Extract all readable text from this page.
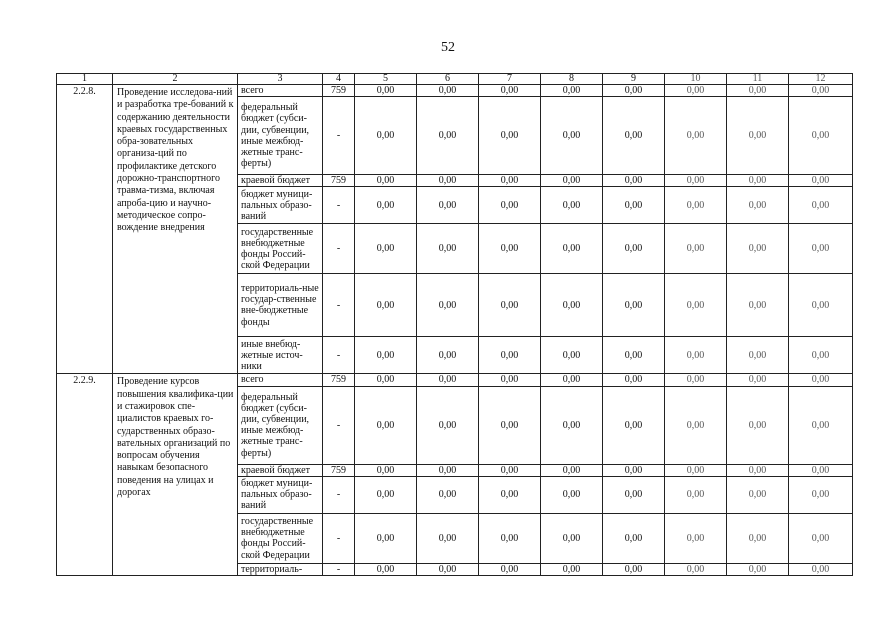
52
1	2	3	4	5	6	7	8	9	10	11	12
2.2.8.	Проведение исследова-ний и разработка тре-бований к содержанию деятельности краевых государственных обра-зовательных организа-ций по профилактике детского дорожно-транспортного травма-тизма, включая апроба-цию и научно-методическое сопро-вождение внедрения	всего	759	0,00	0,00	0,00	0,00	0,00	0,00	0,00	0,00
		федеральный бюджет (субси-дии, субвенции, иные межбюд-жетные транс-ферты)	-	0,00	0,00	0,00	0,00	0,00	0,00	0,00	0,00
		краевой бюджет	759	0,00	0,00	0,00	0,00	0,00	0,00	0,00	0,00
		бюджет муници-пальных образо-ваний	-	0,00	0,00	0,00	0,00	0,00	0,00	0,00	0,00
		государственные внебюджетные фонды Россий-ской Федерации	-	0,00	0,00	0,00	0,00	0,00	0,00	0,00	0,00
		территориаль-ные государ-ственные вне-бюджетные фонды	-	0,00	0,00	0,00	0,00	0,00	0,00	0,00	0,00
		иные внебюд-жетные источ-ники	-	0,00	0,00	0,00	0,00	0,00	0,00	0,00	0,00
2.2.9.	Проведение курсов повышения квалифика-ции и стажировок спе-циалистов краевых го-сударственных образо-вательных организаций по вопросам обучения навыкам безопасного поведения на улицах и дорогах	всего	759	0,00	0,00	0,00	0,00	0,00	0,00	0,00	0,00
		федеральный бюджет (субси-дии, субвенции, иные межбюд-жетные транс-ферты)	-	0,00	0,00	0,00	0,00	0,00	0,00	0,00	0,00
		краевой бюджет	759	0,00	0,00	0,00	0,00	0,00	0,00	0,00	0,00
		бюджет муници-пальных образо-ваний	-	0,00	0,00	0,00	0,00	0,00	0,00	0,00	0,00
		государственные внебюджетные фонды Россий-ской Федерации	-	0,00	0,00	0,00	0,00	0,00	0,00	0,00	0,00
		территориаль-	-	0,00	0,00	0,00	0,00	0,00	0,00	0,00	0,00
